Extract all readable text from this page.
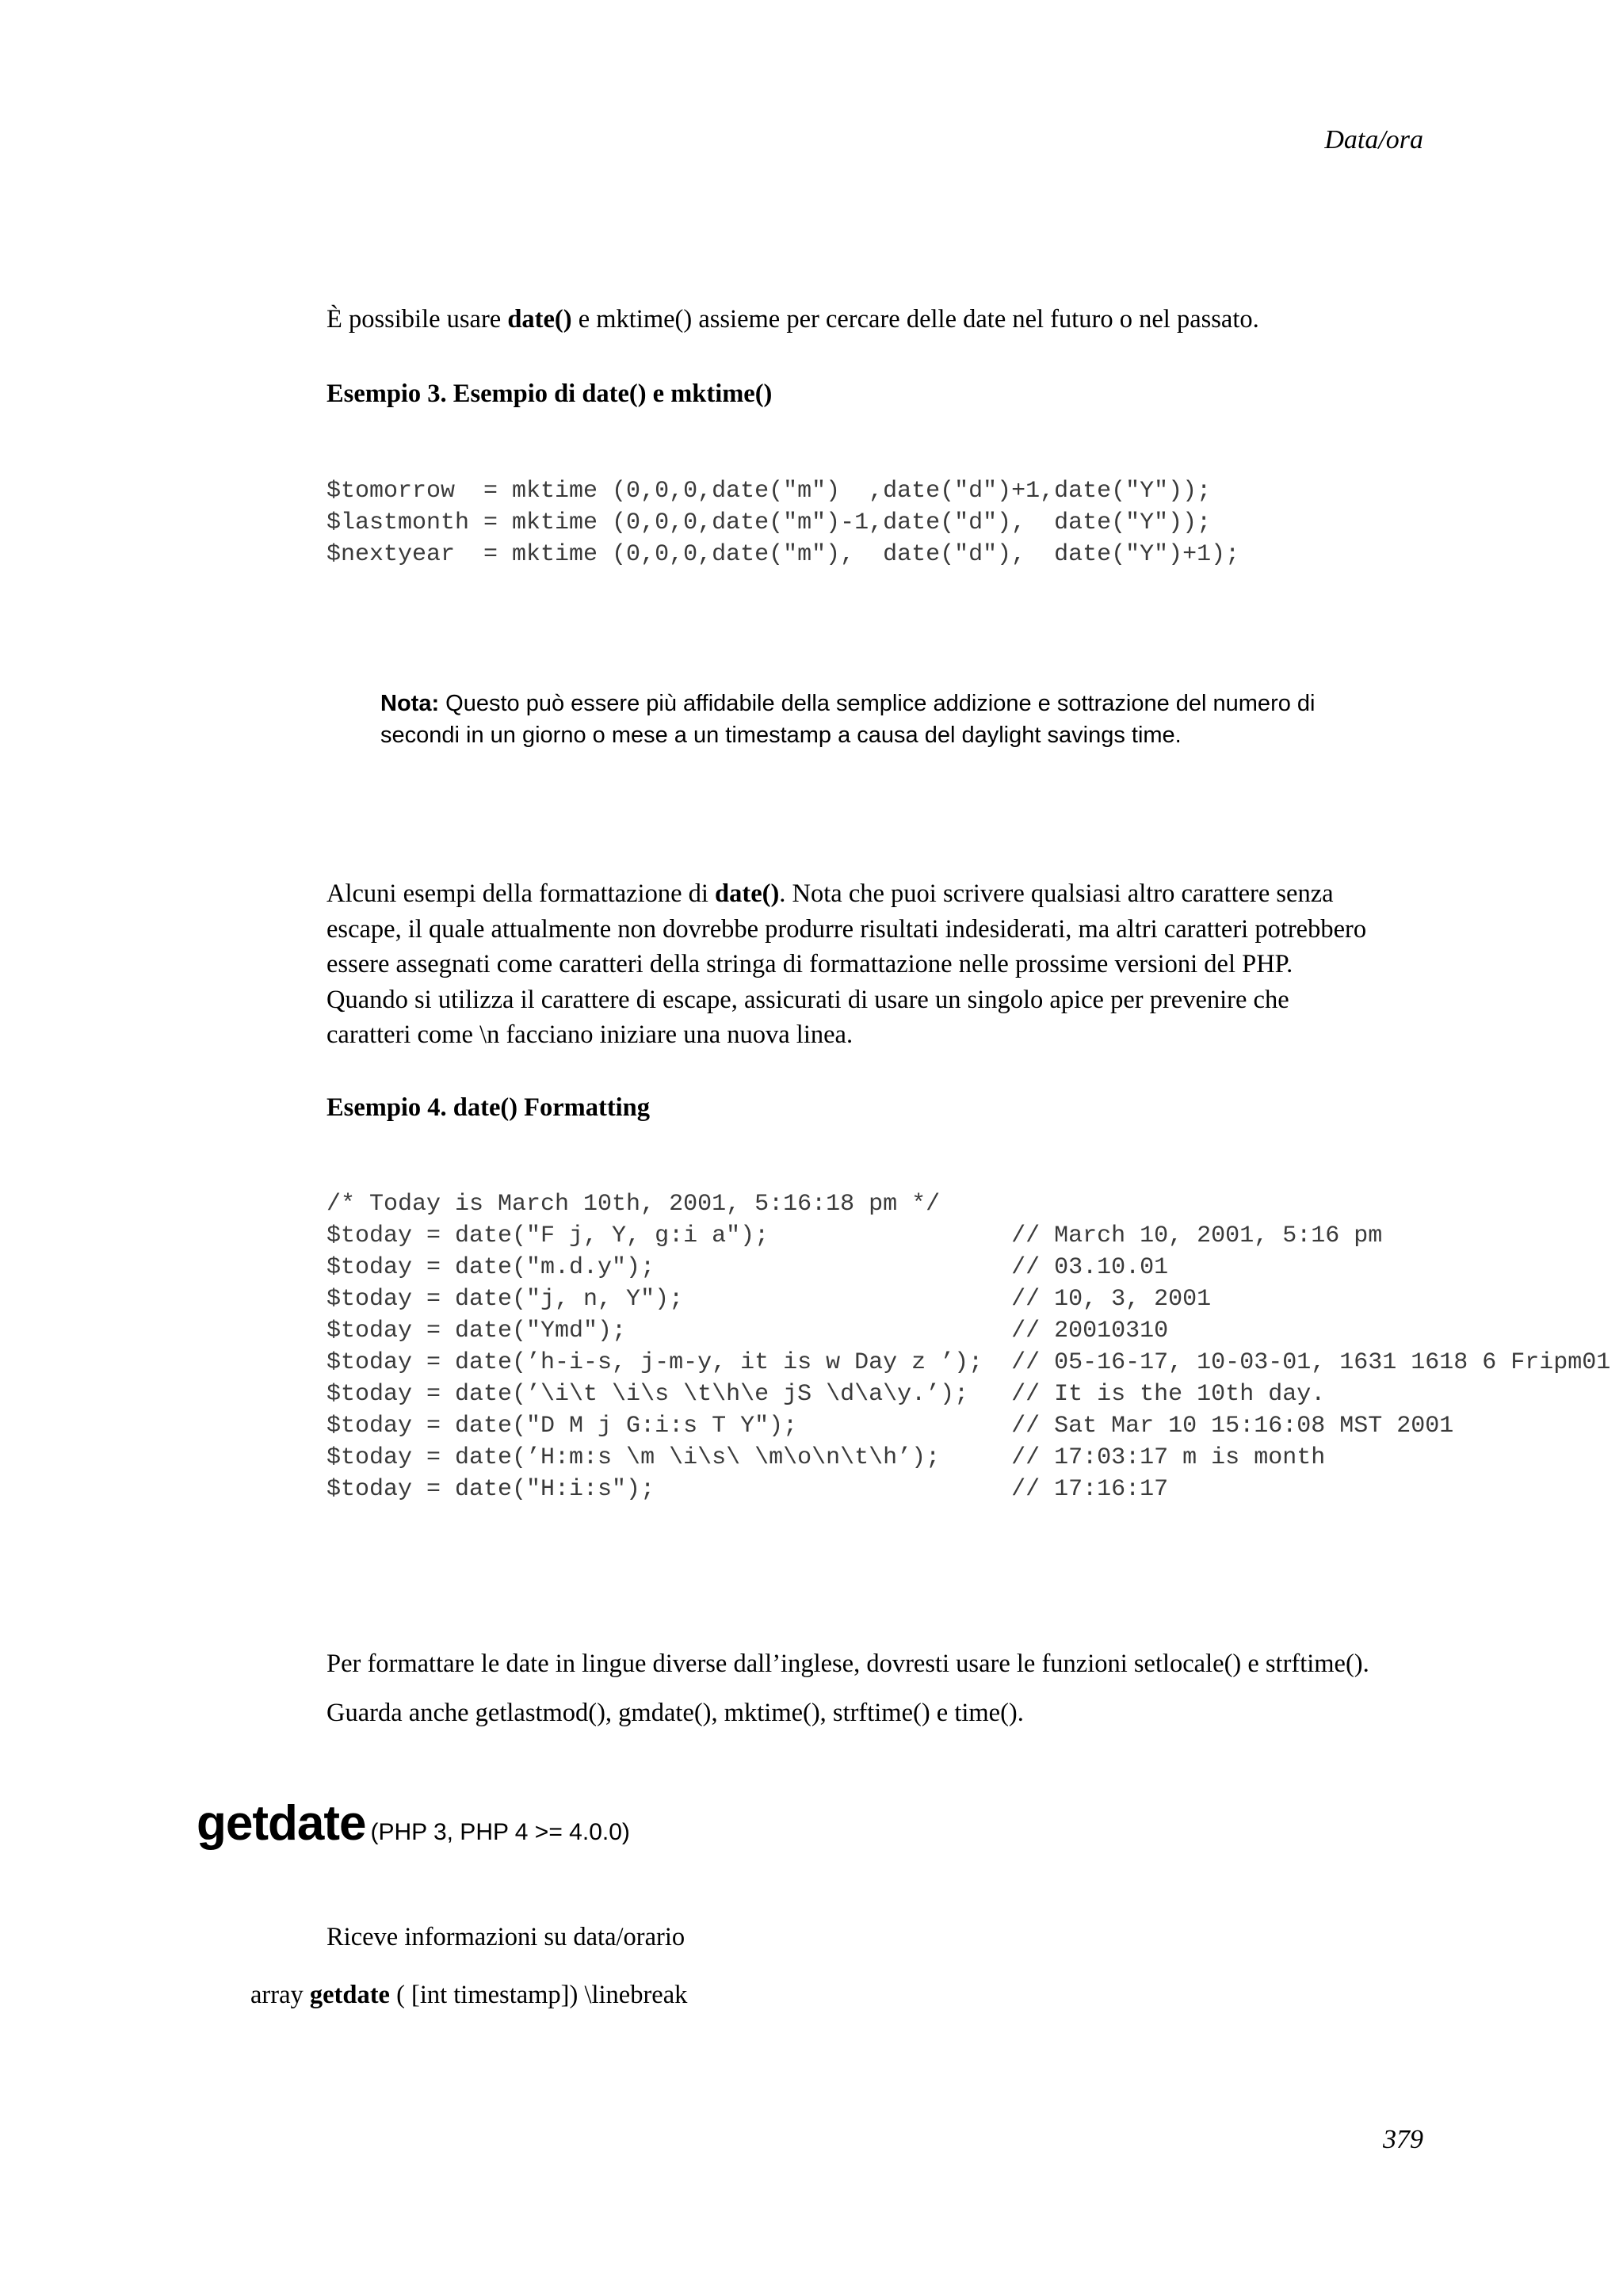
Data/ora
È possibile usare date() e mktime() assieme per cercare delle date nel futuro o nel passato.
Esempio 3. Esempio di date() e mktime()
$tomorrow  = mktime (0,0,0,date("m")  ,date("d")+1,date("Y"));
$lastmonth = mktime (0,0,0,date("m")-1,date("d"),  date("Y"));
$nextyear  = mktime (0,0,0,date("m"),  date("d"),  date("Y")+1);
Nota: Questo può essere più affidabile della semplice addizione e sottrazione del numero di
secondi in un giorno o mese a un timestamp a causa del daylight savings time.
Alcuni esempi della formattazione di date(). Nota che puoi scrivere qualsiasi altro carattere senza
escape, il quale attualmente non dovrebbe produrre risultati indesiderati, ma altri caratteri potrebbero
essere assegnati come caratteri della stringa di formattazione nelle prossime versioni del PHP.
Quando si utilizza il carattere di escape, assicurati di usare un singolo apice per prevenire che
caratteri come \n facciano iniziare una nuova linea.
Esempio 4. date() Formatting
/* Today is March 10th, 2001, 5:16:18 pm */
$today = date("F j, Y, g:i a");                 // March 10, 2001, 5:16 pm
$today = date("m.d.y");                         // 03.10.01
$today = date("j, n, Y");                       // 10, 3, 2001
$today = date("Ymd");                           // 20010310
$today = date(’h-i-s, j-m-y, it is w Day z ’);  // 05-16-17, 10-03-01, 1631 1618 6 Fripm01
$today = date(’\i\t \i\s \t\h\e jS \d\a\y.’);   // It is the 10th day.
$today = date("D M j G:i:s T Y");               // Sat Mar 10 15:16:08 MST 2001
$today = date(’H:m:s \m \i\s\ \m\o\n\t\h’);     // 17:03:17 m is month
$today = date("H:i:s");                         // 17:16:17
Per formattare le date in lingue diverse dall’inglese, dovresti usare le funzioni setlocale() e strftime().
Guarda anche getlastmod(), gmdate(), mktime(), strftime() e time().
getdate (PHP 3, PHP 4 >= 4.0.0)
Riceve informazioni su data/orario
array getdate ( [int timestamp]) \linebreak
379
